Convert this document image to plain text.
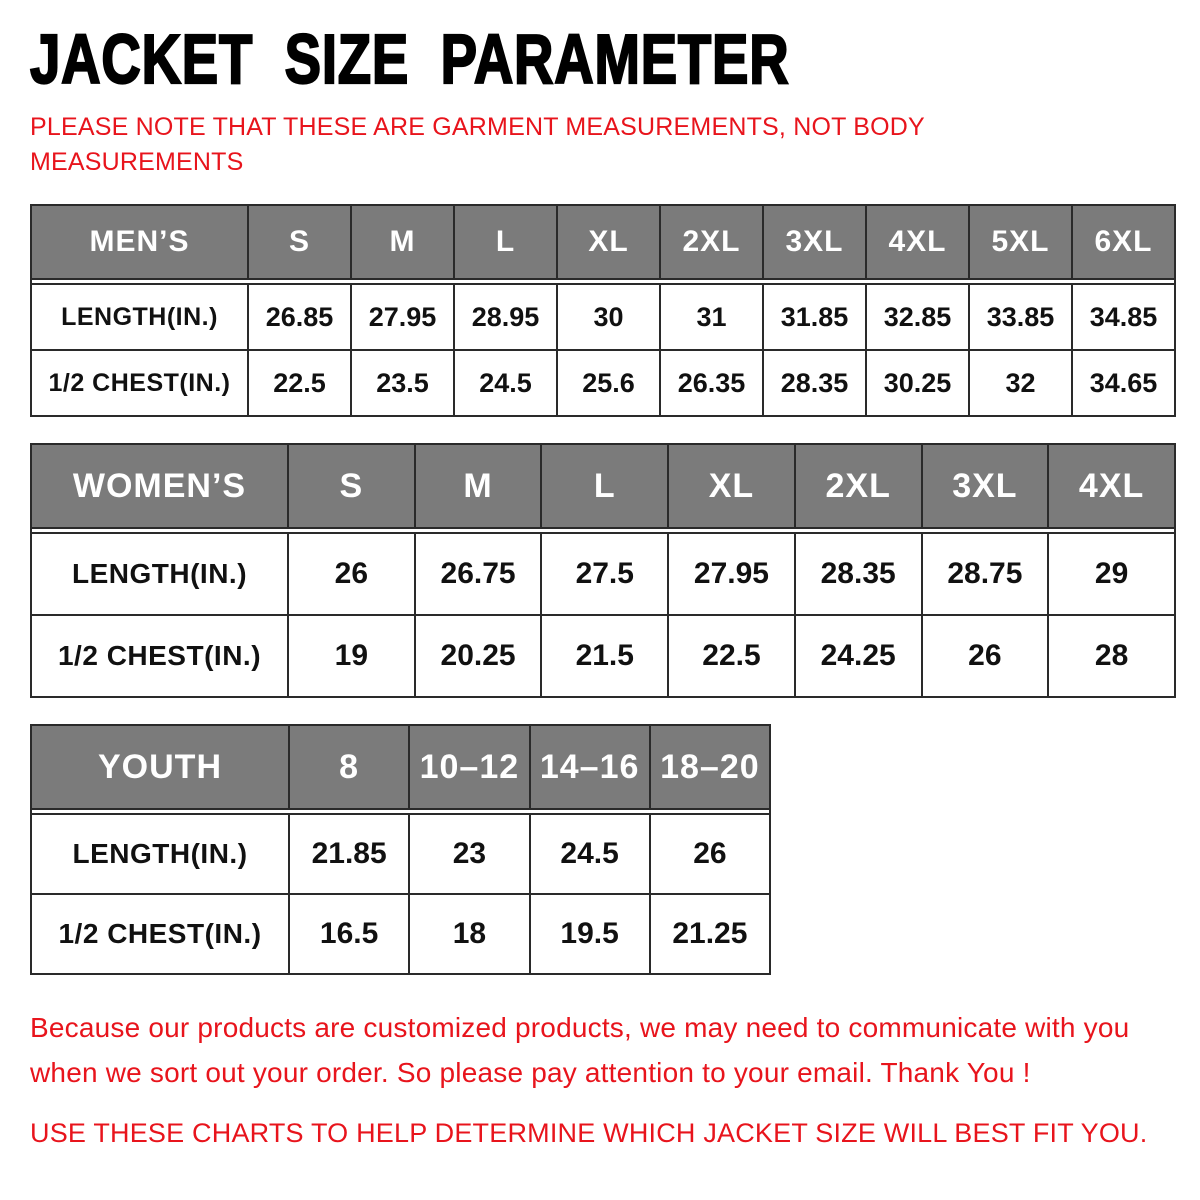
JACKET SIZE PARAMETER

PLEASE NOTE THAT THESE ARE GARMENT MEASUREMENTS, NOT BODY MEASUREMENTS

MEN’S	S	M	L	XL	2XL	3XL	4XL	5XL	6XL

LENGTH(IN.)	26.85	27.95	28.95	30	31	31.85	32.85	33.85	34.85
1/2 CHEST(IN.)	22.5	23.5	24.5	25.6	26.35	28.35	30.25	32	34.65
WOMEN’S	S	M	L	XL	2XL	3XL	4XL

LENGTH(IN.)	26	26.75	27.5	27.95	28.35	28.75	29
1/2 CHEST(IN.)	19	20.25	21.5	22.5	24.25	26	28
YOUTH	8	10–12	14–16	18–20

LENGTH(IN.)	21.85	23	24.5	26
1/2 CHEST(IN.)	16.5	18	19.5	21.25

Because our products are customized products, we may need to communicate with you when we sort out your order. So please pay attention to your email. Thank You !

USE THESE CHARTS TO HELP DETERMINE WHICH JACKET SIZE WILL BEST FIT YOU.
